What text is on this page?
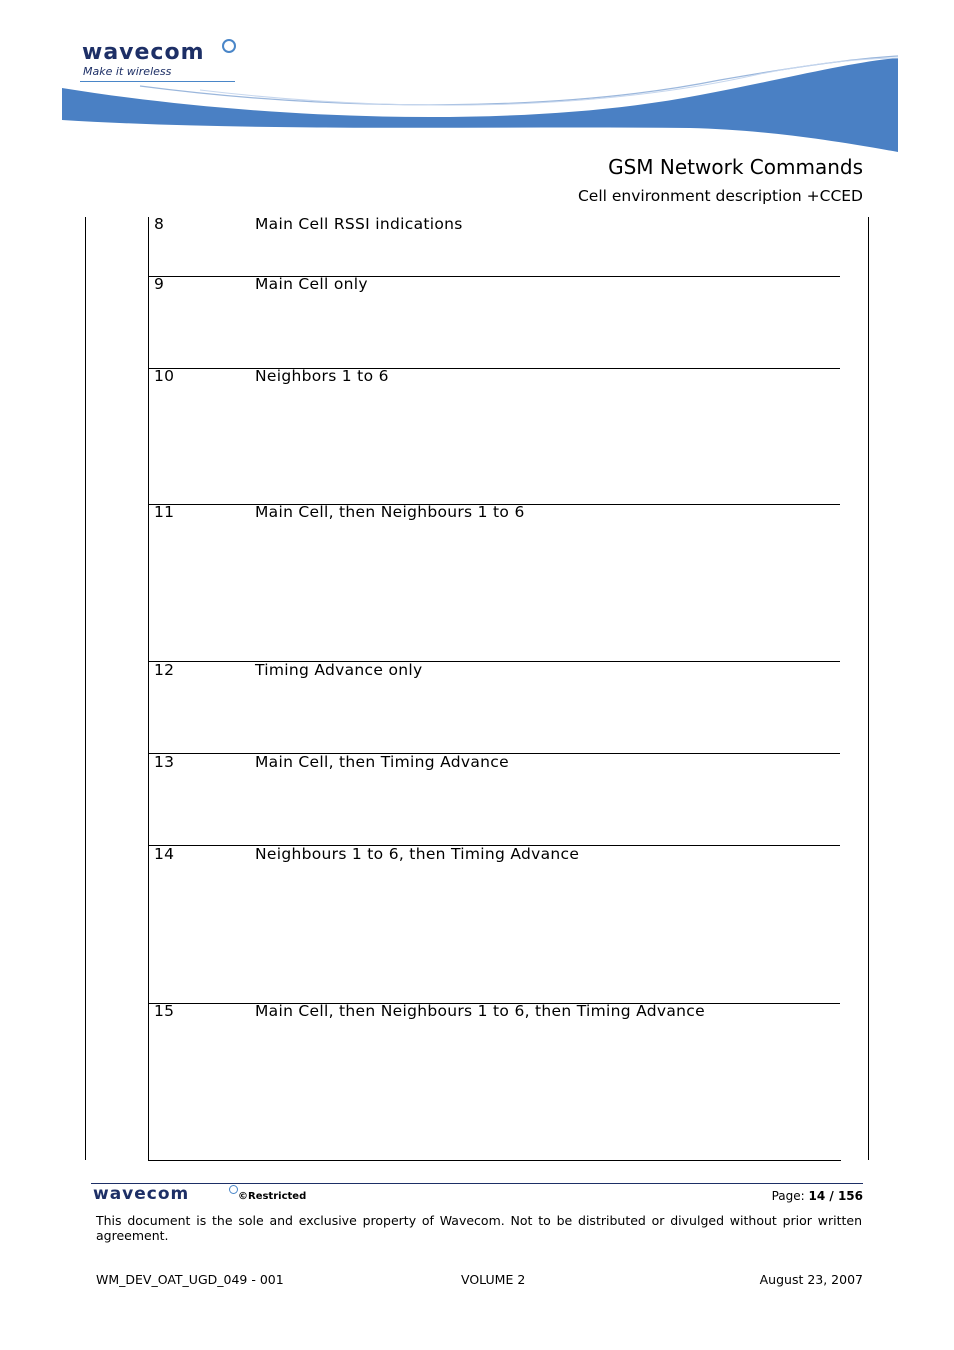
wavecom
Make it wireless
GSM Network Commands
Cell environment description +CCED
8	Main Cell RSSI indications
9	Main Cell only
10	Neighbors 1 to 6
11	Main Cell, then Neighbours 1 to 6
12	Timing Advance only
13	Main Cell, then Timing Advance
14	Neighbours 1 to 6, then Timing Advance
15	Main Cell, then Neighbours 1 to 6, then Timing Advance
wavecom	©Restricted	Page: 14 / 156
This document is the sole and exclusive property of Wavecom. Not to be distributed or divulged without prior written agreement.
WM_DEV_OAT_UGD_049 - 001	VOLUME 2	August 23, 2007
